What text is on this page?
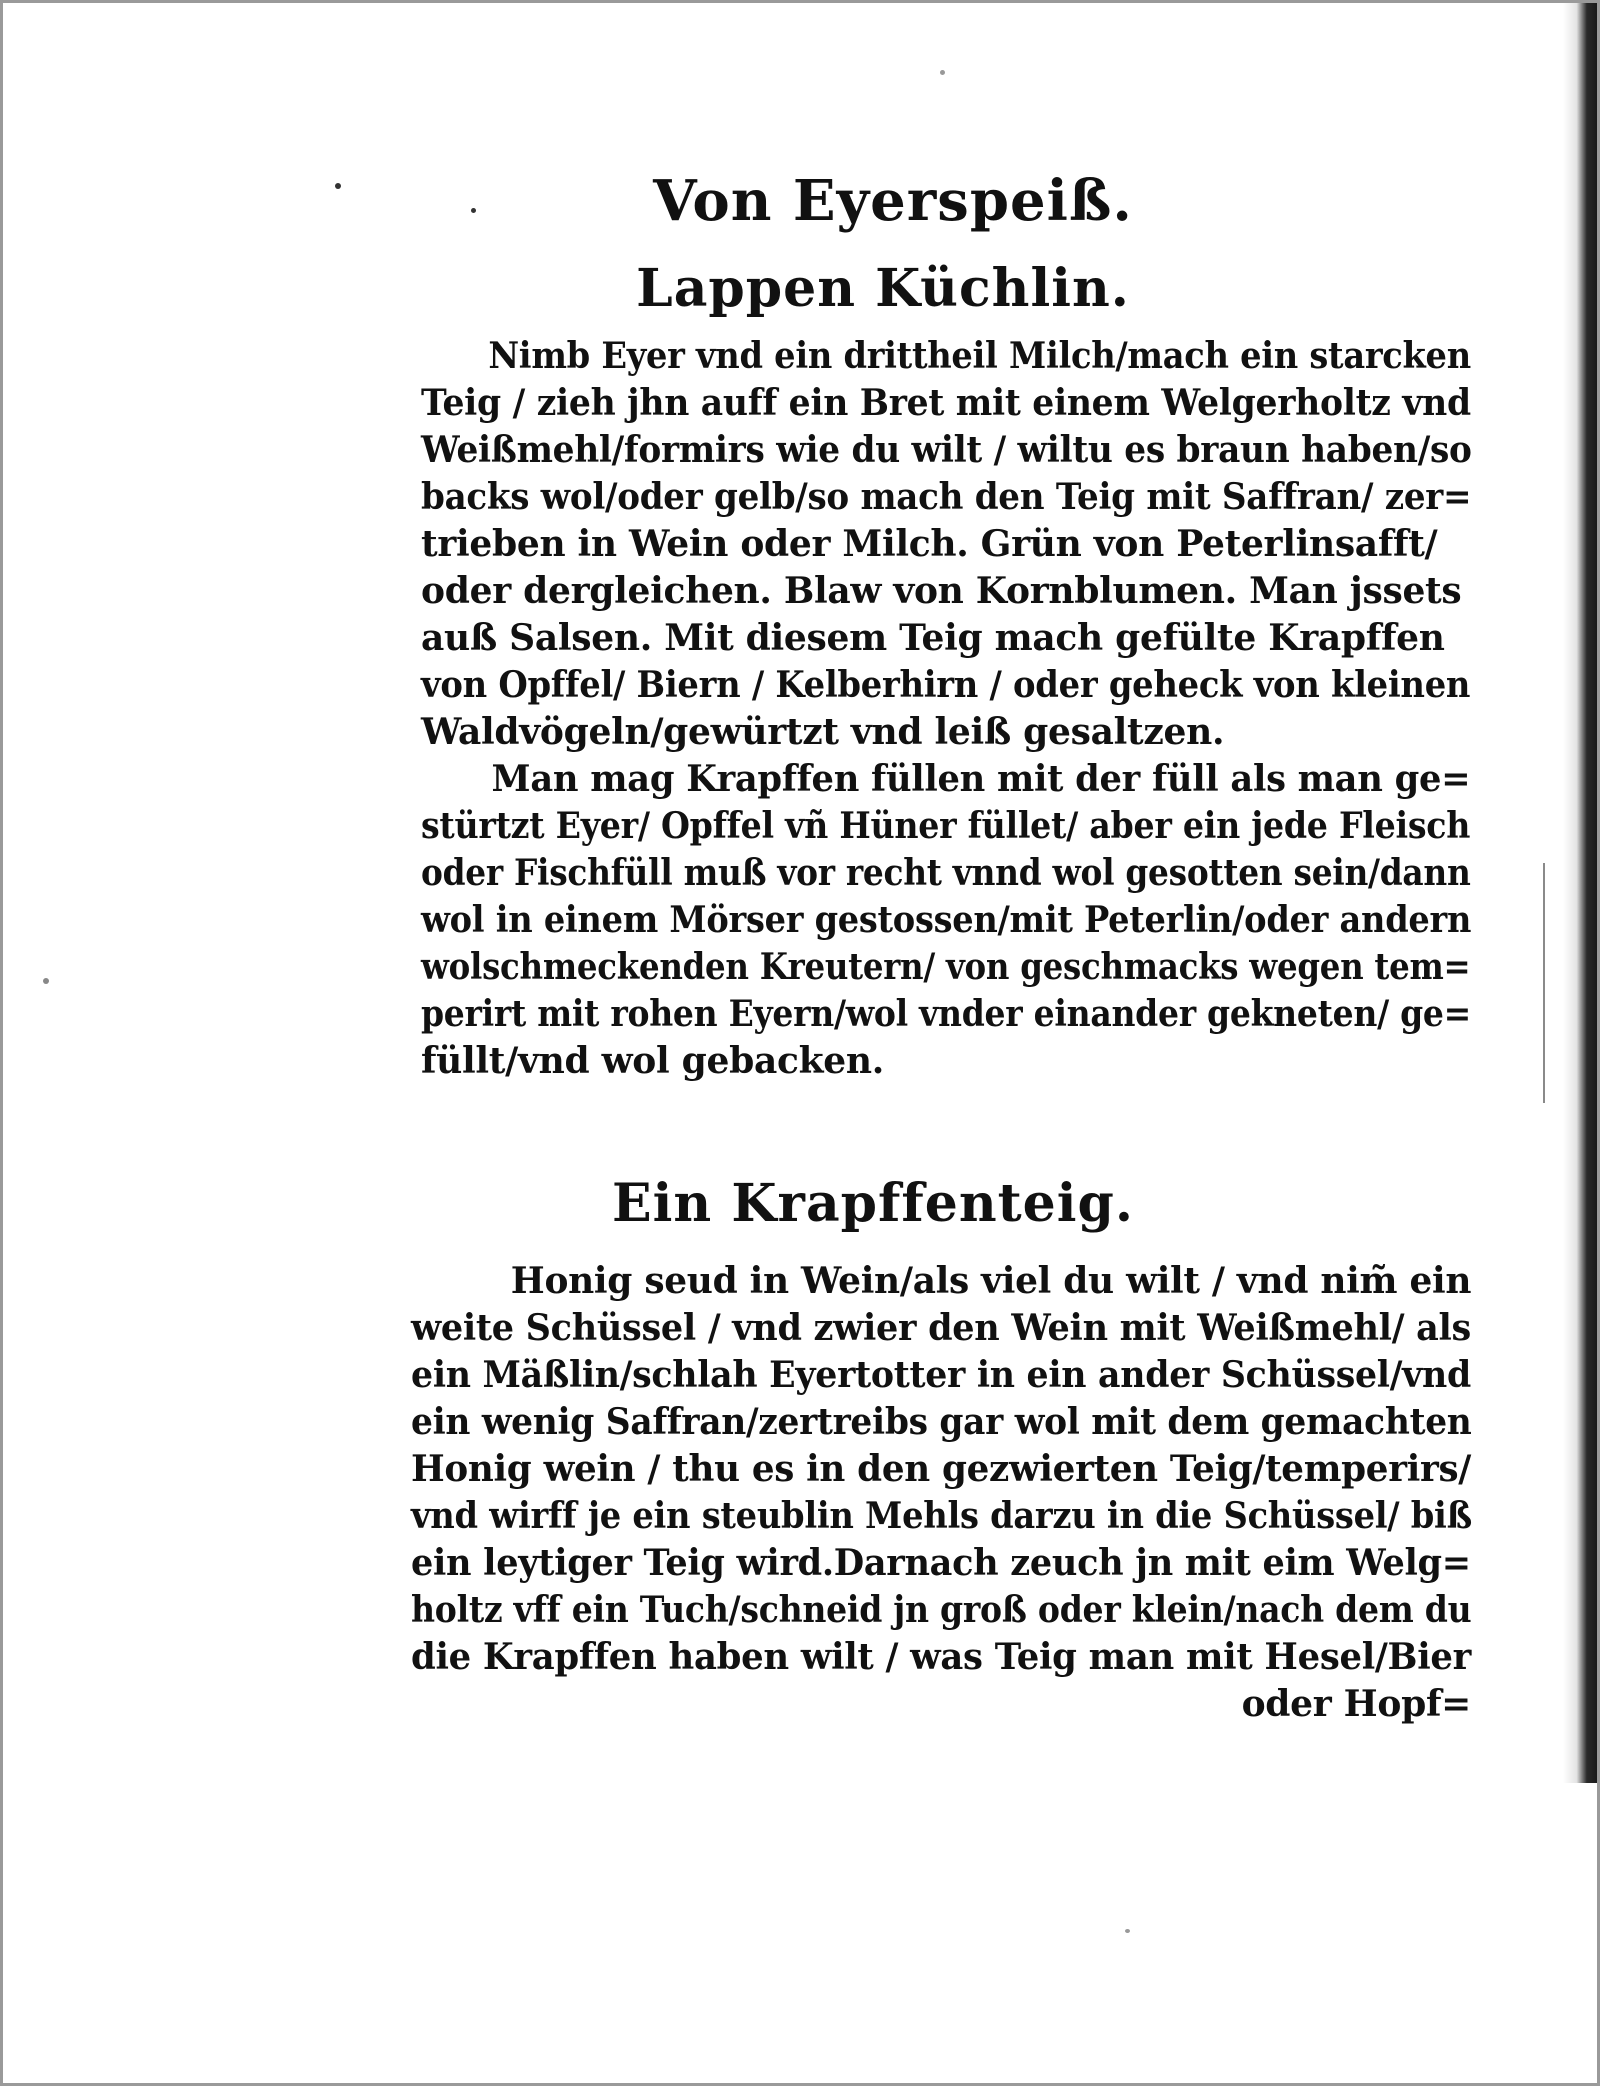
Von Eyerspeiß.
Lappen Küchlin.
Nimb Eyer vnd ein drittheil Milch/mach ein starcken
Teig / zieh jhn auff ein Bret mit einem Welgerholtz vnd
Weißmehl/formirs wie du wilt / wiltu es braun haben/so
backs wol/oder gelb/so mach den Teig mit Saffran/ zer=
trieben in Wein oder Milch. Grün von Peterlinsafft/
oder dergleichen. Blaw von Kornblumen. Man jssets
auß Salsen. Mit diesem Teig mach gefülte Krapffen
von Opffel/ Biern / Kelberhirn / oder geheck von kleinen
Waldvögeln/gewürtzt vnd leiß gesaltzen.
Man mag Krapffen füllen mit der füll als man ge=
stürtzt Eyer/ Opffel vñ Hüner füllet/ aber ein jede Fleisch
oder Fischfüll muß vor recht vnnd wol gesotten sein/dann
wol in einem Mörser gestossen/mit Peterlin/oder andern
wolschmeckenden Kreutern/ von geschmacks wegen tem=
perirt mit rohen Eyern/wol vnder einander gekneten/ ge=
füllt/vnd wol gebacken.
Ein Krapffenteig.
Honig seud in Wein/als viel du wilt / vnd nim̃ ein
weite Schüssel / vnd zwier den Wein mit Weißmehl/ als
ein Mäßlin/schlah Eyertotter in ein ander Schüssel/vnd
ein wenig Saffran/zertreibs gar wol mit dem gemachten
Honig wein / thu es in den gezwierten Teig/temperirs/
vnd wirff je ein steublin Mehls darzu in die Schüssel/ biß
ein leytiger Teig wird.Darnach zeuch jn mit eim Welg=
holtz vff ein Tuch/schneid jn groß oder klein/nach dem du
die Krapffen haben wilt / was Teig man mit Hesel/Bier
oder Hopf=
